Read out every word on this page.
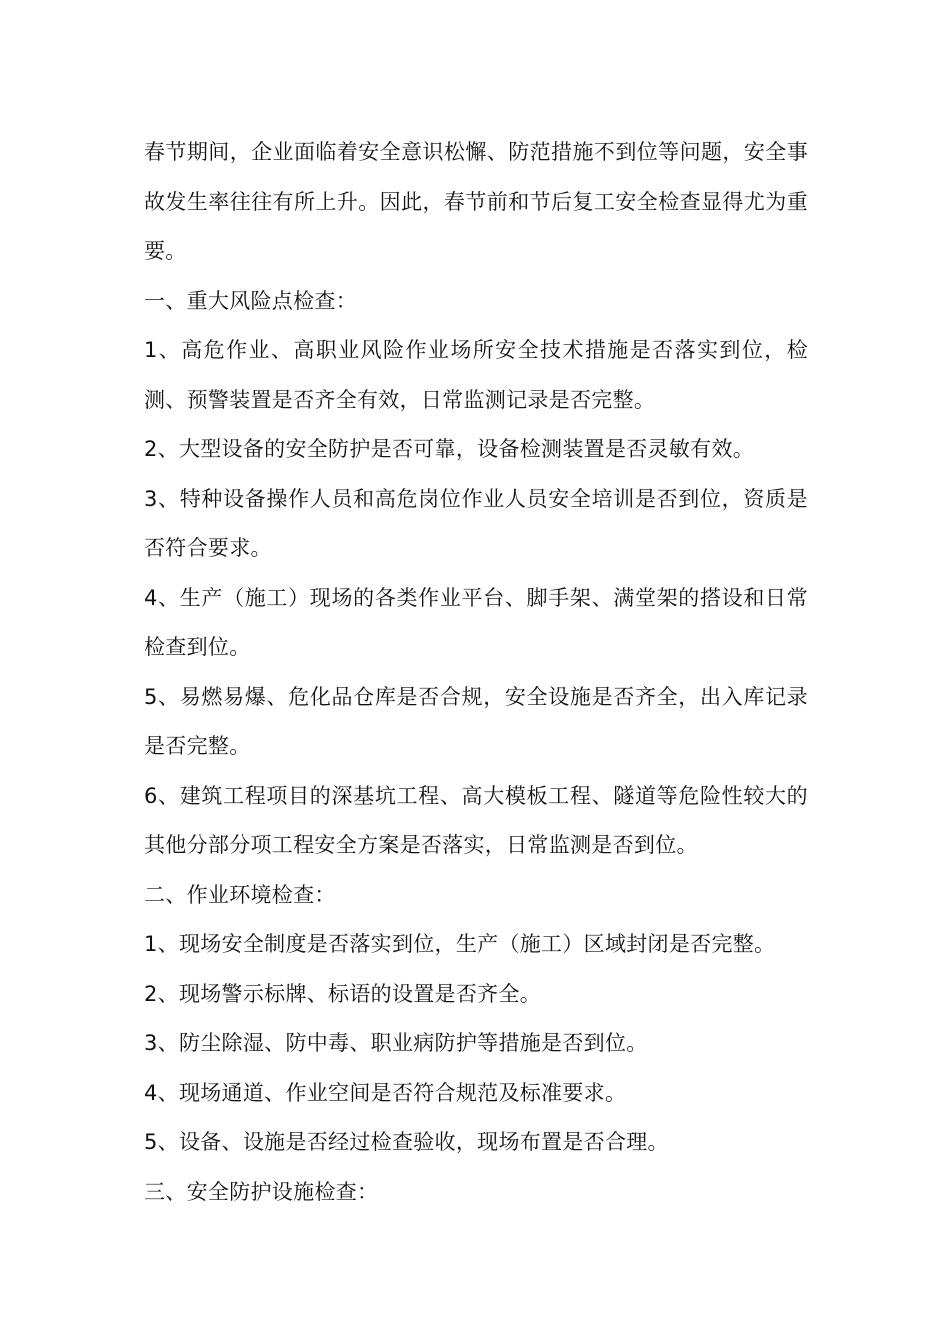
春节期间，企业面临着安全意识松懈、防范措施不到位等问题，安全事故发生率往往有所上升。因此，春节前和节后复工安全检查显得尤为重要。

一、重大风险点检查：

1、高危作业、高职业风险作业场所安全技术措施是否落实到位，检测、预警装置是否齐全有效，日常监测记录是否完整。

2、大型设备的安全防护是否可靠，设备检测装置是否灵敏有效。

3、特种设备操作人员和高危岗位作业人员安全培训是否到位，资质是否符合要求。

4、生产（施工）现场的各类作业平台、脚手架、满堂架的搭设和日常检查到位。

5、易燃易爆、危化品仓库是否合规，安全设施是否齐全，出入库记录是否完整。

6、建筑工程项目的深基坑工程、高大模板工程、隧道等危险性较大的其他分部分项工程安全方案是否落实，日常监测是否到位。

二、作业环境检查：

1、现场安全制度是否落实到位，生产（施工）区域封闭是否完整。

2、现场警示标牌、标语的设置是否齐全。

3、防尘除湿、防中毒、职业病防护等措施是否到位。

4、现场通道、作业空间是否符合规范及标准要求。

5、设备、设施是否经过检查验收，现场布置是否合理。

三、安全防护设施检查：
